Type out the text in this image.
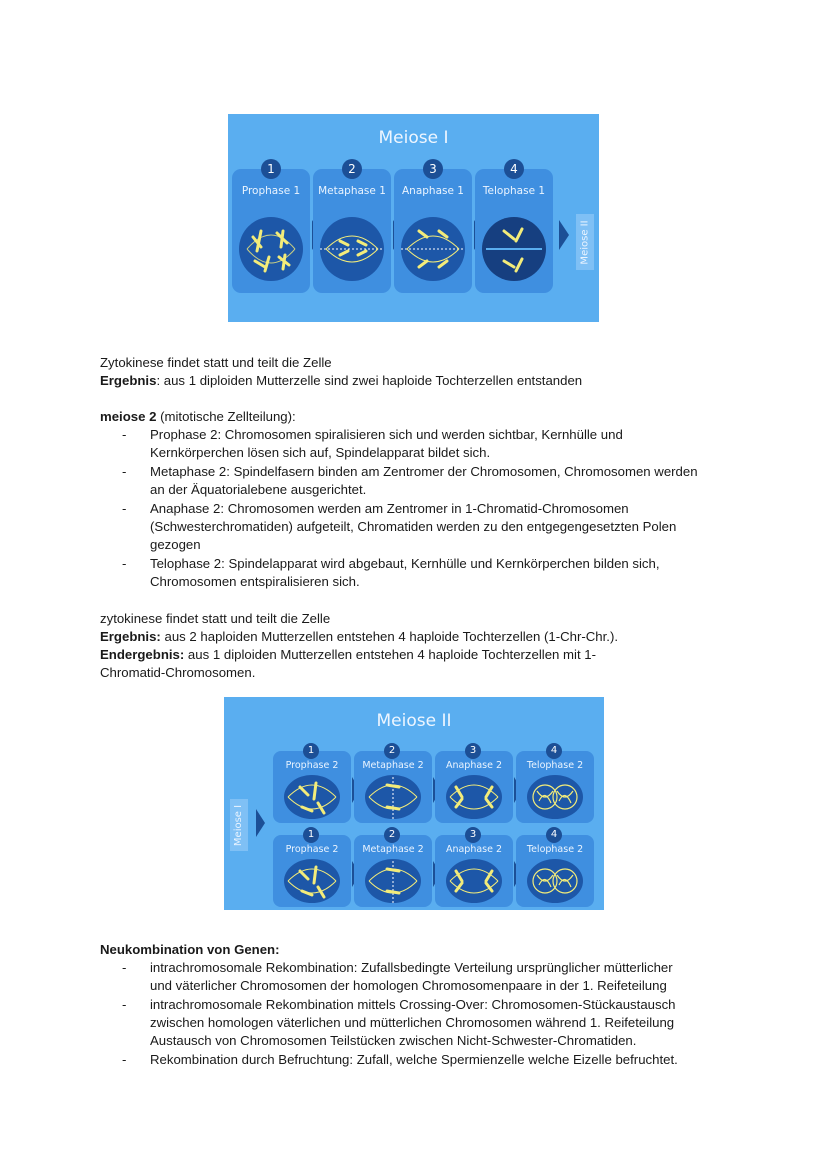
Meiose I
1
Prophase 1
2
Metaphase 1
3
Anaphase 1
4
Telophase 1
Meiose II
Zytokinese findet statt und teilt die Zelle
Ergebnis: aus 1 diploiden Mutterzelle sind zwei haploide Tochterzellen entstanden
meiose 2 (mitotische Zellteilung):
- Prophase 2: Chromosomen spiralisieren sich und werden sichtbar, Kernhülle und
Kernkörperchen lösen sich auf, Spindelapparat bildet sich.
- Metaphase 2: Spindelfasern binden am Zentromer der Chromosomen, Chromosomen werden
an der Äquatorialebene ausgerichtet.
- Anaphase 2: Chromosomen werden am Zentromer in 1-Chromatid-Chromosomen
(Schwesterchromatiden) aufgeteilt, Chromatiden werden zu den entgegengesetzten Polen
gezogen
- Telophase 2: Spindelapparat wird abgebaut, Kernhülle und Kernkörperchen bilden sich,
Chromosomen entspiralisieren sich.
zytokinese findet statt und teilt die Zelle
Ergebnis: aus 2 haploiden Mutterzellen entstehen 4 haploide Tochterzellen (1-Chr-Chr.).
Endergebnis: aus 1 diploiden Mutterzellen entstehen 4 haploide Tochterzellen mit 1-
Chromatid-Chromosomen.
Meiose II
Meiose I
1
Prophase 2
2
Metaphase 2
3
Anaphase 2
4
Telophase 2
1
Prophase 2
2
Metaphase 2
3
Anaphase 2
4
Telophase 2
Neukombination von Genen:
- intrachromosomale Rekombination: Zufallsbedingte Verteilung ursprünglicher mütterlicher
und väterlicher Chromosomen der homologen Chromosomenpaare in der 1. Reifeteilung
- intrachromosomale Rekombination mittels Crossing-Over: Chromosomen-Stückaustausch
zwischen homologen väterlichen und mütterlichen Chromosomen während 1. Reifeteilung
Austausch von Chromosomen Teilstücken zwischen Nicht-Schwester-Chromatiden.
- Rekombination durch Befruchtung: Zufall, welche Spermienzelle welche Eizelle befruchtet.
